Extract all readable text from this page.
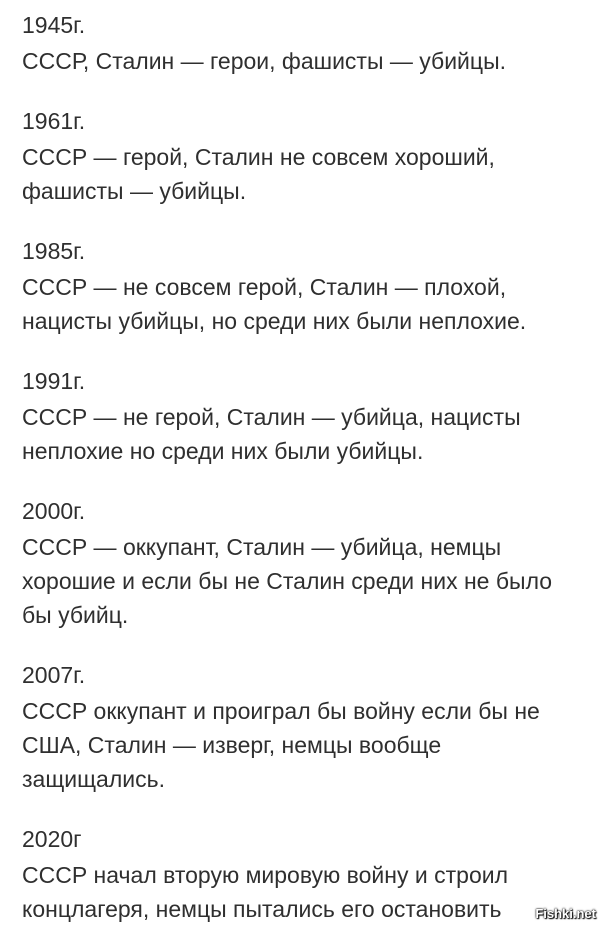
1945г.
СССР, Сталин — герои, фашисты — убийцы.
1961г.
СССР — герой, Сталин не совсем хороший,
фашисты — убийцы.
1985г.
СССР — не совсем герой, Сталин — плохой,
нацисты убийцы, но среди них были неплохие.
1991г.
СССР — не герой, Сталин — убийца, нацисты
неплохие но среди них были убийцы.
2000г.
СССР — оккупант, Сталин — убийца, немцы
хорошие и если бы не Сталин среди них не было
бы убийц.
2007г.
СССР оккупант и проиграл бы войну если бы не
США, Сталин — изверг, немцы вообще
защищались.
2020г
СССР начал вторую мировую войну и строил
концлагеря, немцы пытались его остановить	Fishki.net
